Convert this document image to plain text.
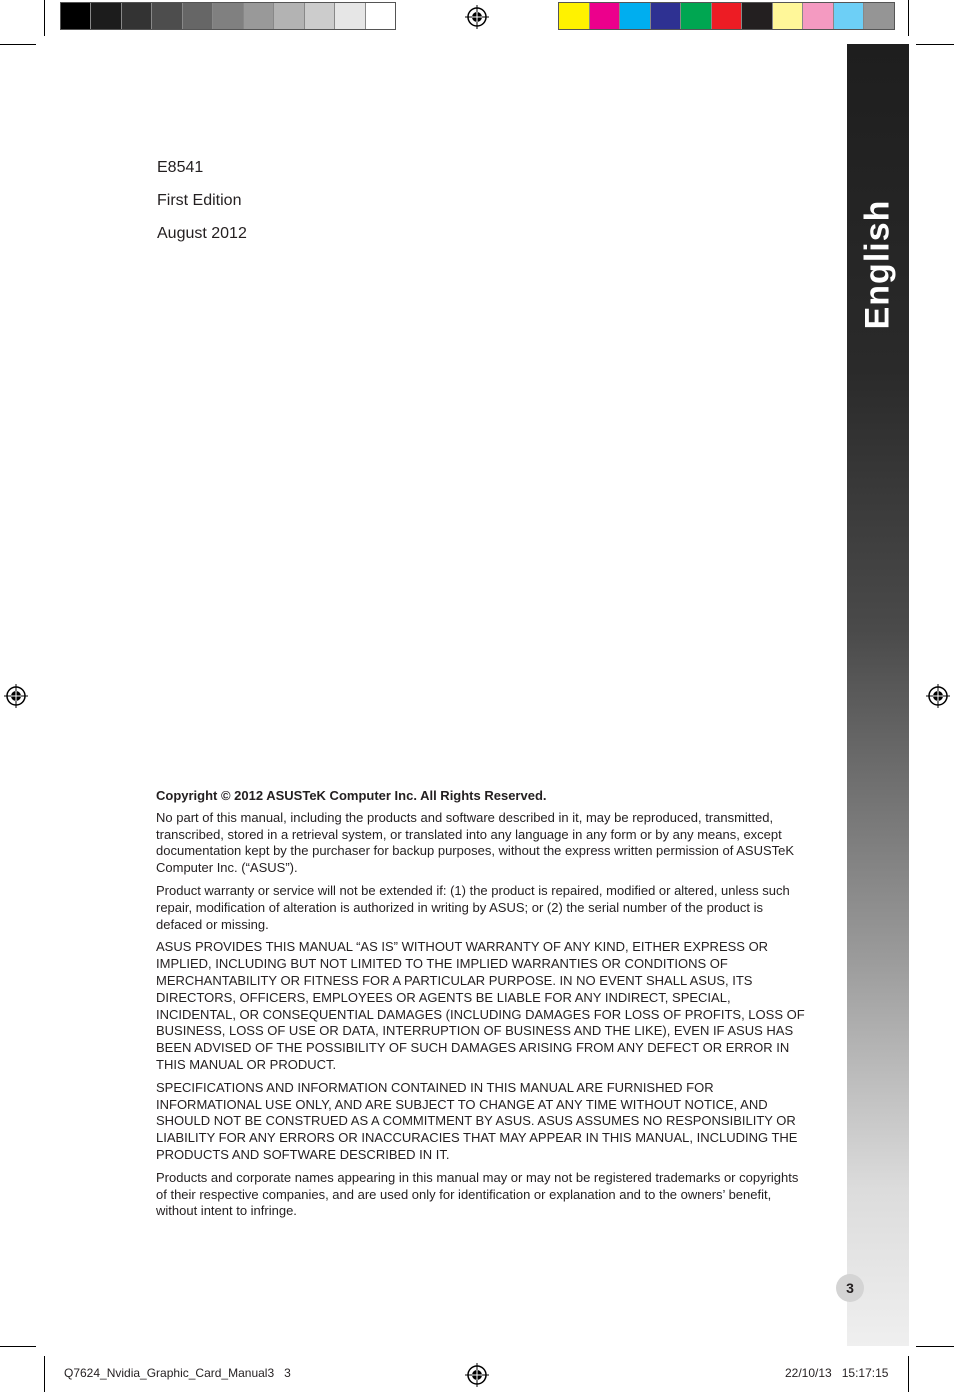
English
E8541
First Edition
August 2012

Copyright © 2012 ASUSTeK Computer Inc. All Rights Reserved.

No part of this manual, including the products and software described in it, may be reproduced, transmitted, transcribed, stored in a retrieval system, or translated into any language in any form or by any means, except documentation kept by the purchaser for backup purposes, without the express written permission of ASUSTeK Computer Inc. (“ASUS”).

Product warranty or service will not be extended if: (1) the product is repaired, modified or altered, unless such repair, modification of alteration is authorized in writing by ASUS; or (2) the serial number of the product is defaced or missing.

ASUS PROVIDES THIS MANUAL “AS IS” WITHOUT WARRANTY OF ANY KIND, EITHER EXPRESS OR IMPLIED, INCLUDING BUT NOT LIMITED TO THE IMPLIED WARRANTIES OR CONDITIONS OF MERCHANTABILITY OR FITNESS FOR A PARTICULAR PURPOSE. IN NO EVENT SHALL ASUS, ITS DIRECTORS, OFFICERS, EMPLOYEES OR AGENTS BE LIABLE FOR ANY INDIRECT, SPECIAL, INCIDENTAL, OR CONSEQUENTIAL DAMAGES (INCLUDING DAMAGES FOR LOSS OF PROFITS, LOSS OF BUSINESS, LOSS OF USE OR DATA, INTERRUPTION OF BUSINESS AND THE LIKE), EVEN IF ASUS HAS BEEN ADVISED OF THE POSSIBILITY OF SUCH DAMAGES ARISING FROM ANY DEFECT OR ERROR IN THIS MANUAL OR PRODUCT.

SPECIFICATIONS AND INFORMATION CONTAINED IN THIS MANUAL ARE FURNISHED FOR INFORMATIONAL USE ONLY, AND ARE SUBJECT TO CHANGE AT ANY TIME WITHOUT NOTICE, AND SHOULD NOT BE CONSTRUED AS A COMMITMENT BY ASUS. ASUS ASSUMES NO RESPONSIBILITY OR LIABILITY FOR ANY ERRORS OR INACCURACIES THAT MAY APPEAR IN THIS MANUAL, INCLUDING THE PRODUCTS AND SOFTWARE DESCRIBED IN IT.

Products and corporate names appearing in this manual may or may not be registered trademarks or copyrights of their respective companies, and are used only for identification or explanation and to the owners’ benefit, without intent to infringe.

3
Q7624_Nvidia_Graphic_Card_Manual3 3	22/10/13 15:17:15
